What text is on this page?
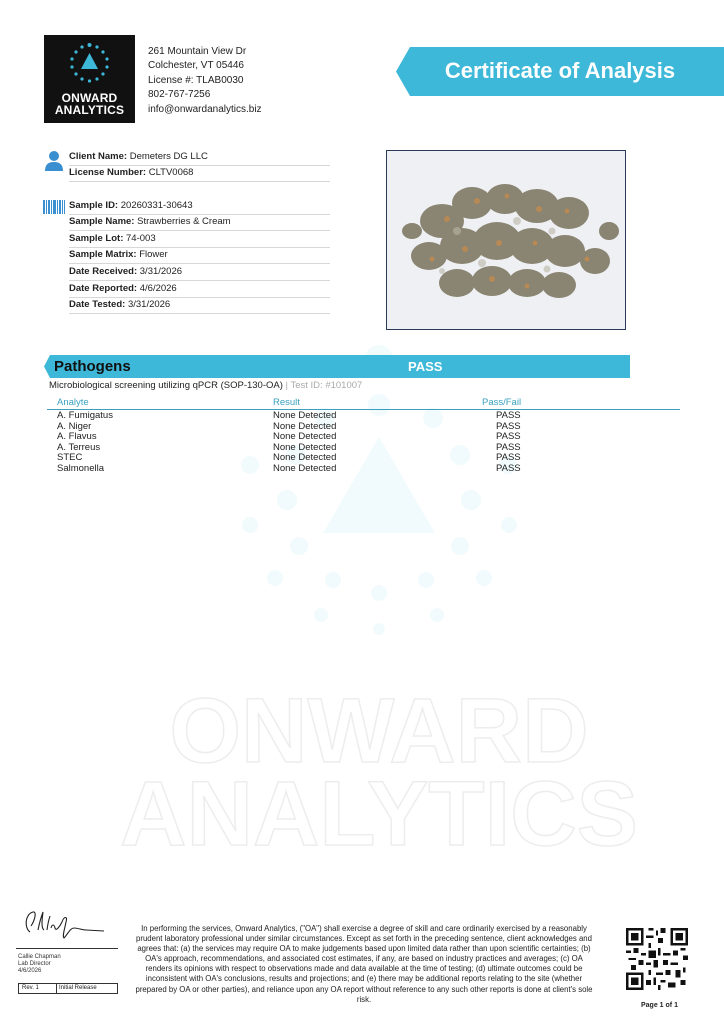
ONWARD
ANALYTICS
ONWARD
ANALYTICS
261 Mountain View Dr
Colchester, VT 05446
License #: TLAB0030
802-767-7256
info@onwardanalytics.biz
Certificate of Analysis
Client Name: Demeters DG LLC
License Number: CLTV0068
Sample ID: 20260331-30643
Sample Name: Strawberries & Cream
Sample Lot: 74-003
Sample Matrix: Flower
Date Received: 3/31/2026
Date Reported: 4/6/2026
Date Tested: 3/31/2026
Pathogens	PASS
Microbiological screening utilizing qPCR (SOP-130-OA) | Test ID: #101007
Analyte	Result	Pass/Fail
A. Fumigatus	None Detected	PASS
A. Niger	None Detected	PASS
A. Flavus	None Detected	PASS
A. Terreus	None Detected	PASS
STEC	None Detected	PASS
Salmonella	None Detected	PASS
Callie Chapman
Lab Director
4/6/2026
Rev. 1	Initial Release
In performing the services, Onward Analytics, ("OA") shall exercise a degree of skill and care ordinarily exercised by a reasonably prudent laboratory professional under similar circumstances. Except as set forth in the preceding sentence, client acknowledges and agrees that: (a) the services may require OA to make judgements based upon limited data rather than upon scientific certainties; (b) OA's approach, recommendations, and associated cost estimates, if any, are based on industry practices and averages; (c) OA renders its opinions with respect to observations made and data available at the time of testing; (d) ultimate outcomes could be inconsistent with OA's conclusions, results and projections; and (e) there may be additional reports relating to the site (whether prepared by OA or other parties), and reliance upon any OA report without reference to any such other reports is done at client's sole risk.
Page 1 of 1
